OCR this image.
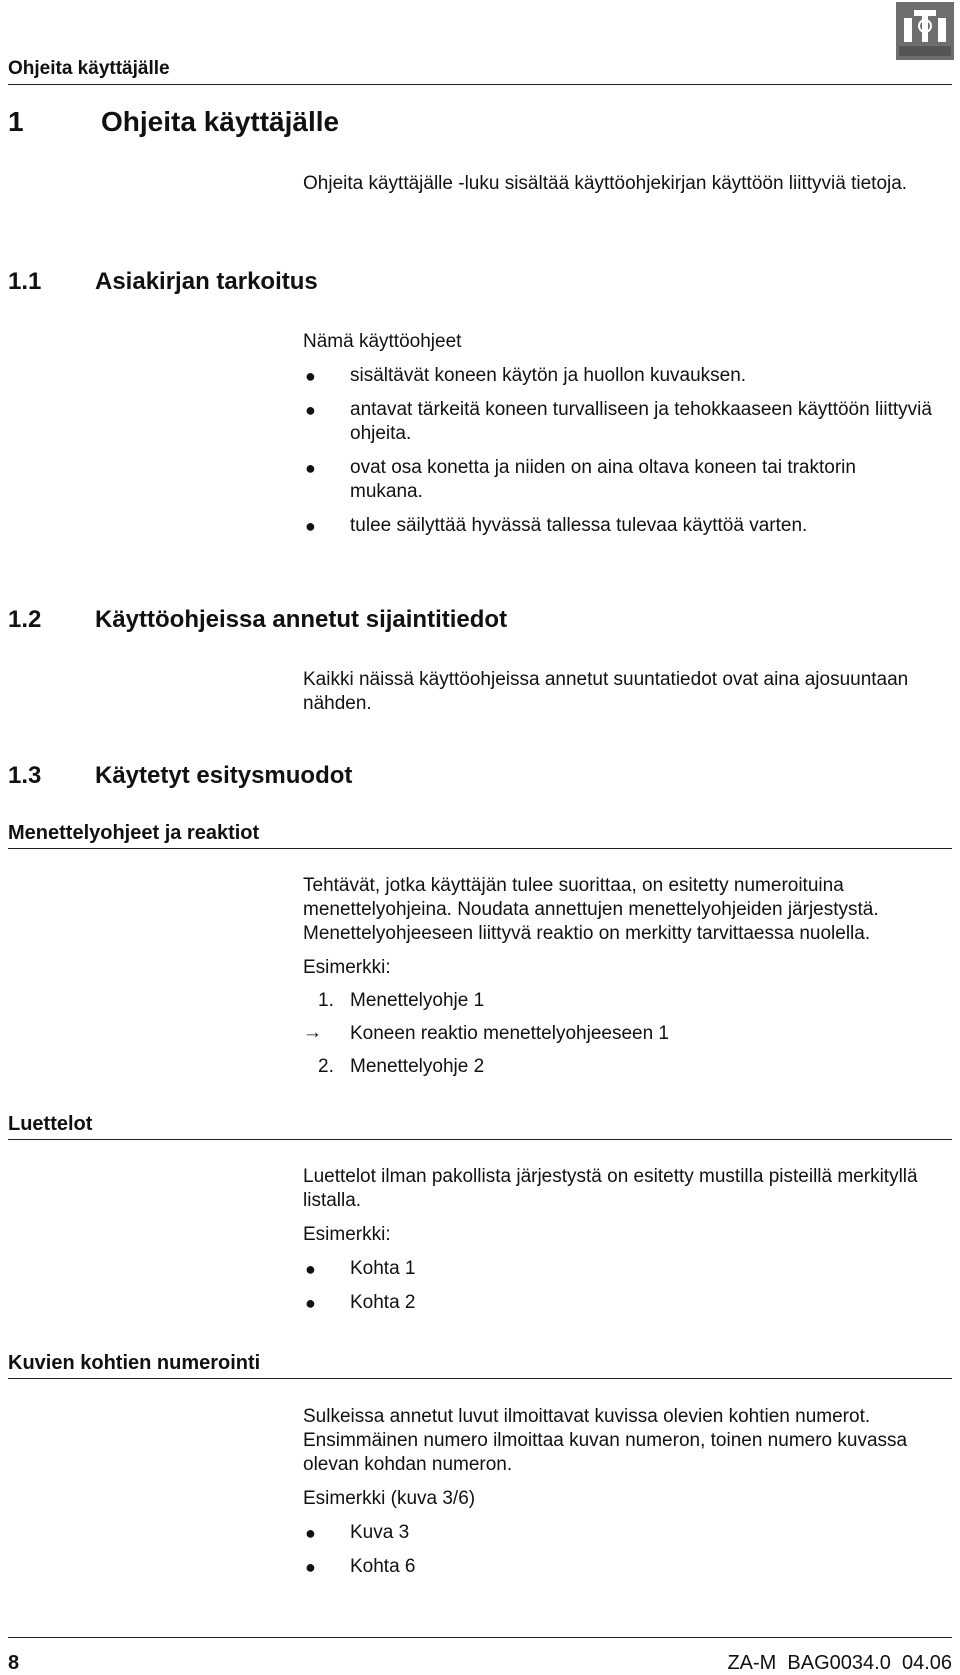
Ohjeita käyttäjälle
1	Ohjeita käyttäjälle

Ohjeita käyttäjälle -luku sisältää käyttöohjekirjan käyttöön liittyviä tietoja.

1.1 Asiakirjan tarkoitus

Nämä käyttöohjeet

● sisältävät koneen käytön ja huollon kuvauksen.
● antavat tärkeitä koneen turvalliseen ja tehokkaaseen käyttöön liittyviä ohjeita.
● ovat osa konetta ja niiden on aina oltava koneen tai traktorin mukana.
● tulee säilyttää hyvässä tallessa tulevaa käyttöä varten.
1.2 Käyttöohjeissa annetut sijaintitiedot

Kaikki näissä käyttöohjeissa annetut suuntatiedot ovat aina ajosuuntaan nähden.

1.3 Käytetyt esitysmuodot
Menettelyohjeet ja reaktiot

Tehtävät, jotka käyttäjän tulee suorittaa, on esitetty numeroituina menettelyohjeina. Noudata annettujen menettelyohjeiden järjestystä. Menettelyohjeeseen liittyvä reaktio on merkitty tarvittaessa nuolella.

Esimerkki:

1. Menettelyohje 1
→ Koneen reaktio menettelyohjeeseen 1
2. Menettelyohje 2
Luettelot

Luettelot ilman pakollista järjestystä on esitetty mustilla pisteillä merkityllä listalla.

Esimerkki:

● Kohta 1
● Kohta 2
Kuvien kohtien numerointi

Sulkeissa annetut luvut ilmoittavat kuvissa olevien kohtien numerot. Ensimmäinen numero ilmoittaa kuvan numeron, toinen numero kuvassa olevan kohdan numeron.

Esimerkki (kuva 3/6)

● Kuva 3
● Kohta 6
8	ZA-M  BAG0034.0  04.06
